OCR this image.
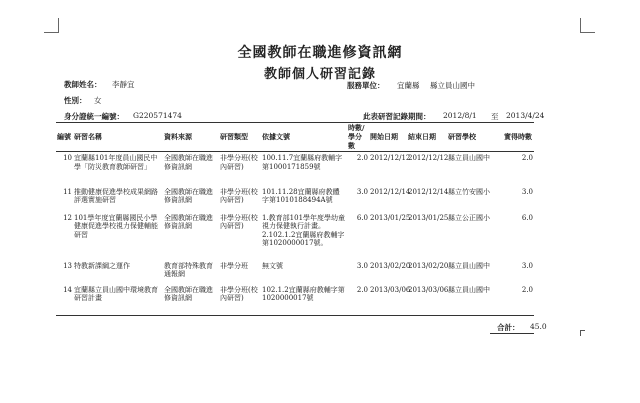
全國教師在職進修資訊網
教師個人研習記錄
教師姓名： 李靜宜
性別： 女
身分證統一編號： G220571474
服務單位： 宜蘭縣 縣立員山國中
此表研習記錄期間： 2012/8/1 至 2013/4/24
編號	研習名稱	資料來源	研習類型	依據文號	時數/學分數	開始日期	結束日期	研習學校	實得時數
10	宜蘭縣101年度員山國民中學「防災教育教師研習」	全國教師在職進修資訊網	非學分班(校內研習)	100.11.7宜蘭縣府教輔字第1000171859號	2.0	2012/12/12	2012/12/12	縣立員山國中	2.0
11	推動健康促進學校成果網路評選實施研習	全國教師在職進修資訊網	非學分班(校內研習)	101.11.28宜蘭縣府教體字第1010188494A號	3.0	2012/12/14	2012/12/14	縣立竹安國小	3.0
12	101學年度宜蘭縣國民小學健康促進學校視力保健輔能研習	全國教師在職進修資訊網	非學分班(校內研習)	1.教育部101學年度學幼童視力保健執行計畫。2.102.1.2宜蘭縣府教輔字第1020000017號。	6.0	2013/01/25	2013/01/25	縣立公正國小	6.0
13	特教新課綱之運作	教育部特殊教育通報網	非學分班	無文號	3.0	2013/02/20	2013/02/20	縣立員山國中	3.0
14	宜蘭縣立員山國中環境教育研習計畫	全國教師在職進修資訊網	非學分班(校內研習)	102.1.2宜蘭縣府教輔字第1020000017號	2.0	2013/03/06	2013/03/06	縣立員山國中	2.0
合計： 45.0
